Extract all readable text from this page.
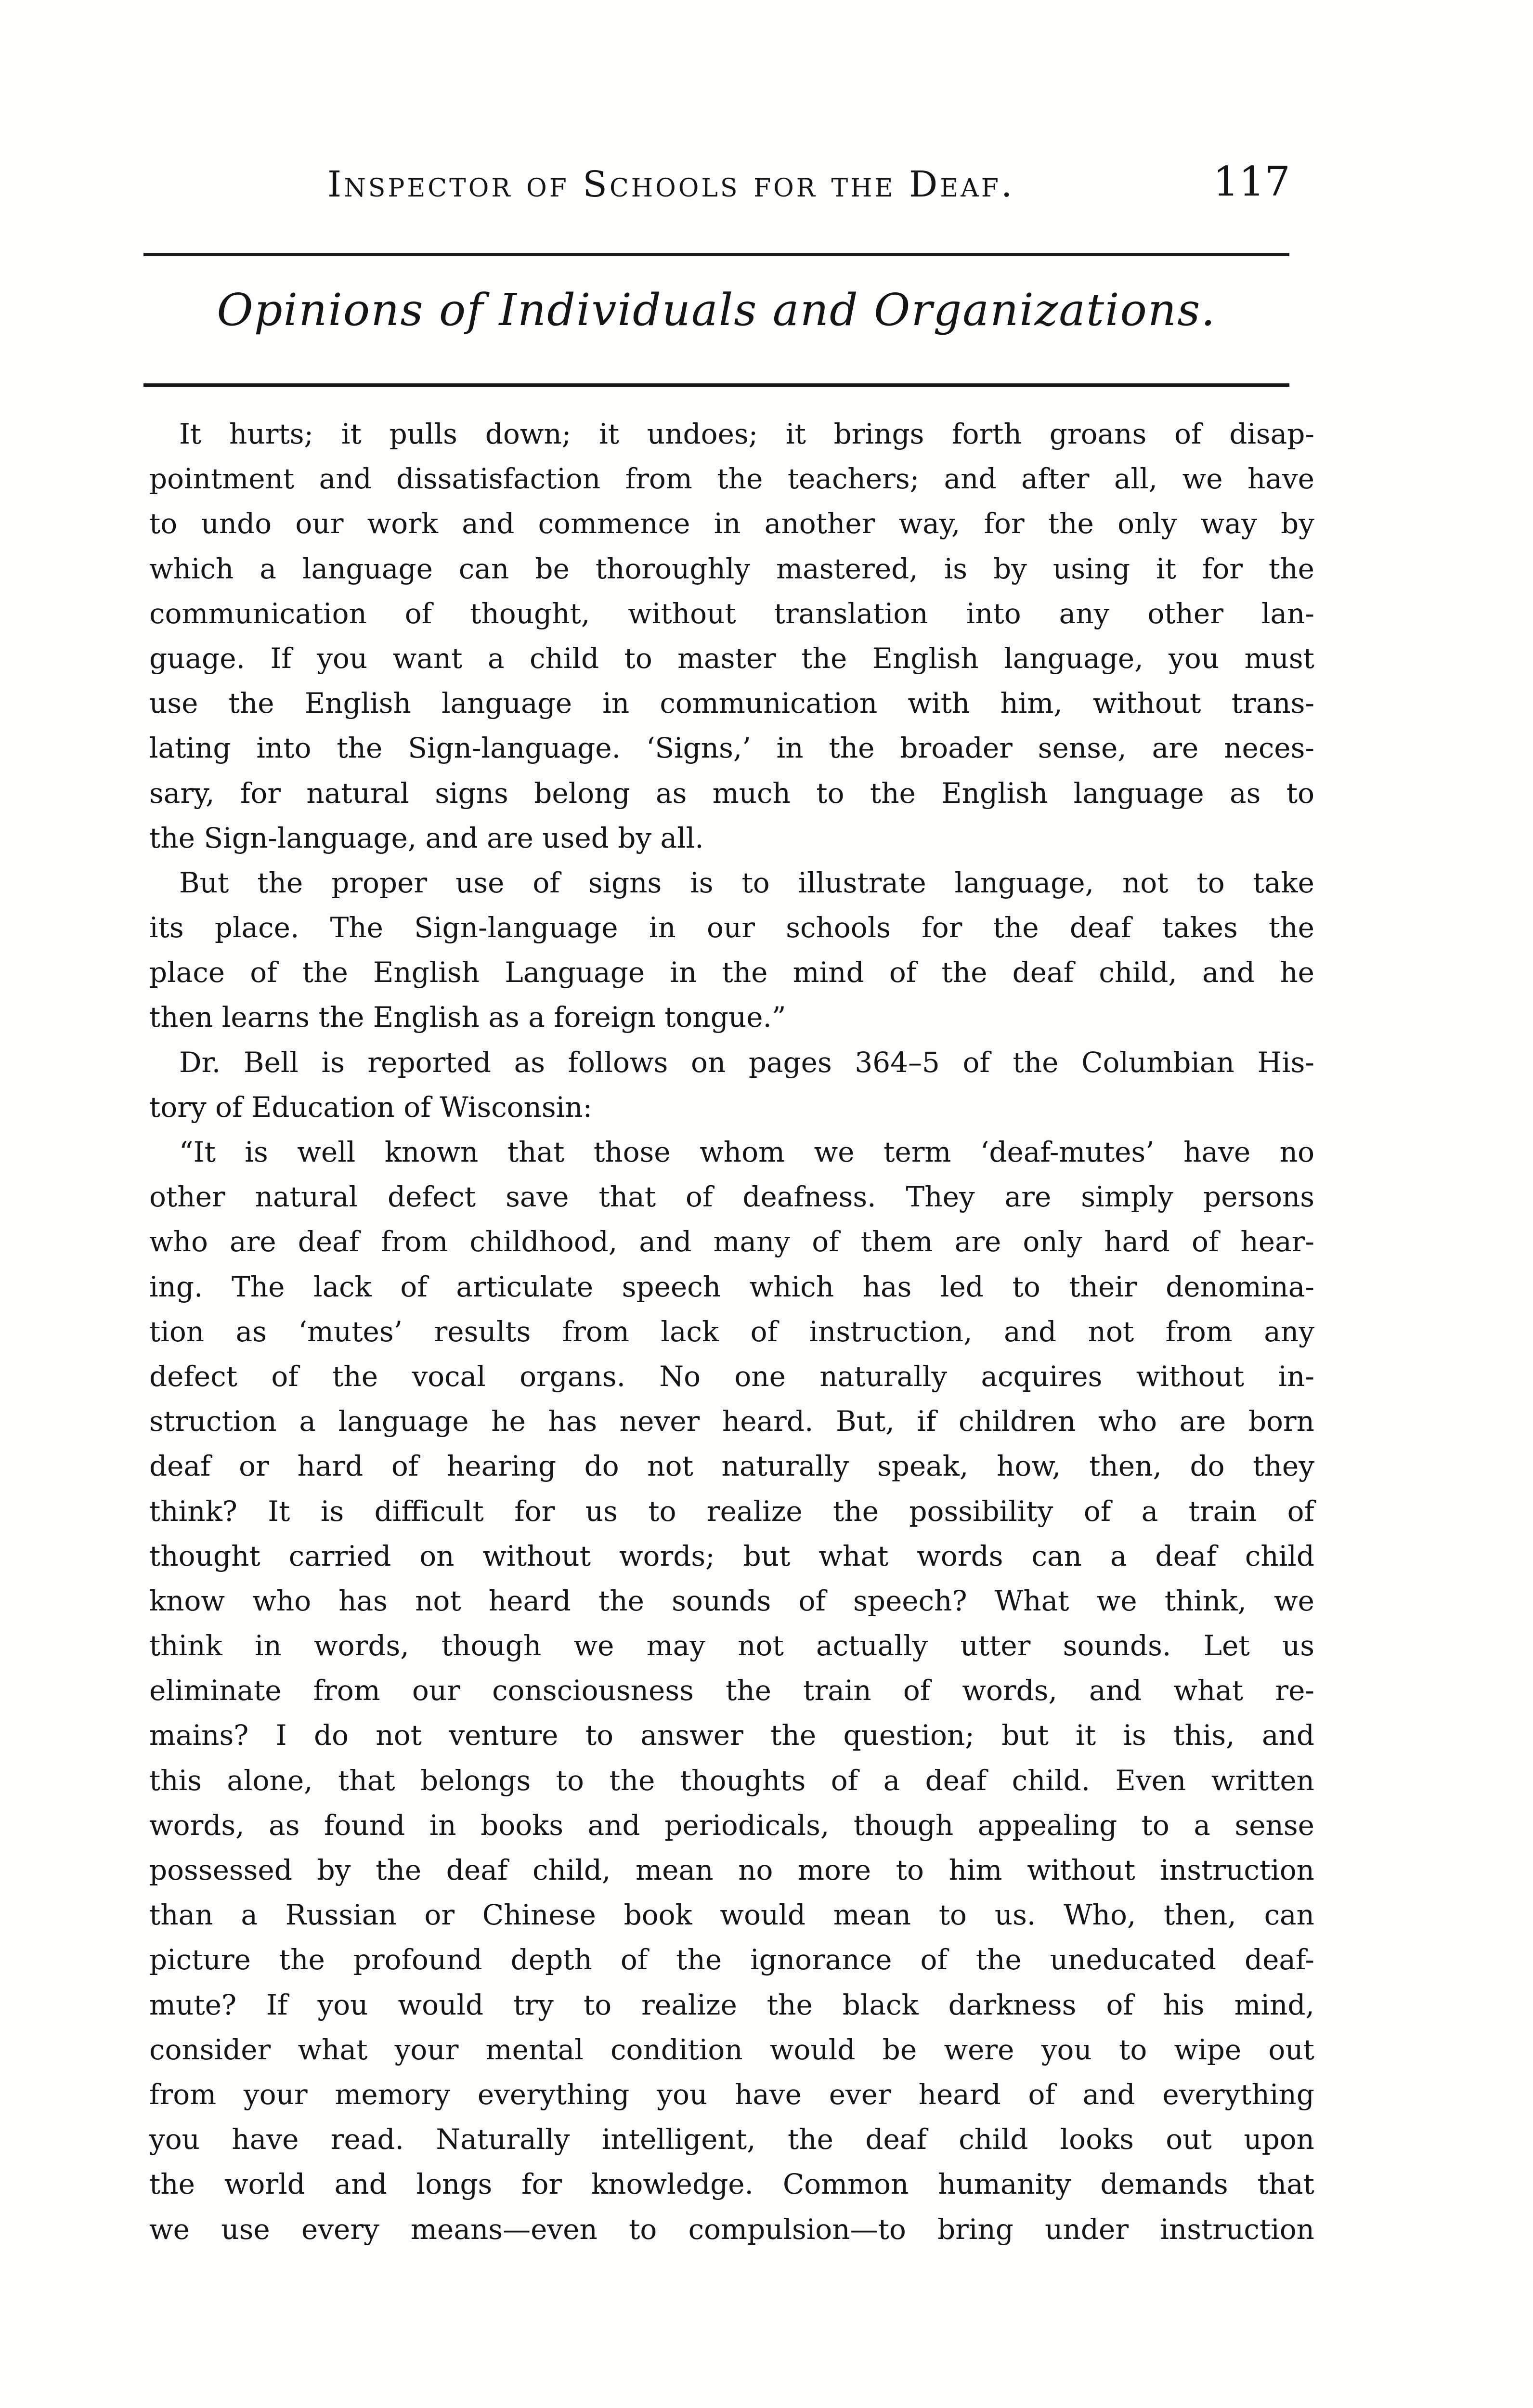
Inspector of Schools for the Deaf.	117
Opinions of Individuals and Organizations.
It hurts; it pulls down; it undoes; it brings forth groans of disap-
pointment and dissatisfaction from the teachers; and after all, we have
to undo our work and commence in another way, for the only way by
which a language can be thoroughly mastered, is by using it for the
communication of thought, without translation into any other lan-
guage. If you want a child to master the English language, you must
use the English language in communication with him, without trans-
lating into the Sign-language. ‘Signs,’ in the broader sense, are neces-
sary, for natural signs belong as much to the English language as to
the Sign-language, and are used by all.
But the proper use of signs is to illustrate language, not to take
its place. The Sign-language in our schools for the deaf takes the
place of the English Language in the mind of the deaf child, and he
then learns the English as a foreign tongue.”
Dr. Bell is reported as follows on pages 364–5 of the Columbian His-
tory of Education of Wisconsin:
“It is well known that those whom we term ‘deaf-mutes’ have no
other natural defect save that of deafness. They are simply persons
who are deaf from childhood, and many of them are only hard of hear-
ing. The lack of articulate speech which has led to their denomina-
tion as ‘mutes’ results from lack of instruction, and not from any
defect of the vocal organs. No one naturally acquires without in-
struction a language he has never heard. But, if children who are born
deaf or hard of hearing do not naturally speak, how, then, do they
think? It is difficult for us to realize the possibility of a train of
thought carried on without words; but what words can a deaf child
know who has not heard the sounds of speech? What we think, we
think in words, though we may not actually utter sounds. Let us
eliminate from our consciousness the train of words, and what re-
mains? I do not venture to answer the question; but it is this, and
this alone, that belongs to the thoughts of a deaf child. Even written
words, as found in books and periodicals, though appealing to a sense
possessed by the deaf child, mean no more to him without instruction
than a Russian or Chinese book would mean to us. Who, then, can
picture the profound depth of the ignorance of the uneducated deaf-
mute? If you would try to realize the black darkness of his mind,
consider what your mental condition would be were you to wipe out
from your memory everything you have ever heard of and everything
you have read. Naturally intelligent, the deaf child looks out upon
the world and longs for knowledge. Common humanity demands that
we use every means—even to compulsion—to bring under instruction
